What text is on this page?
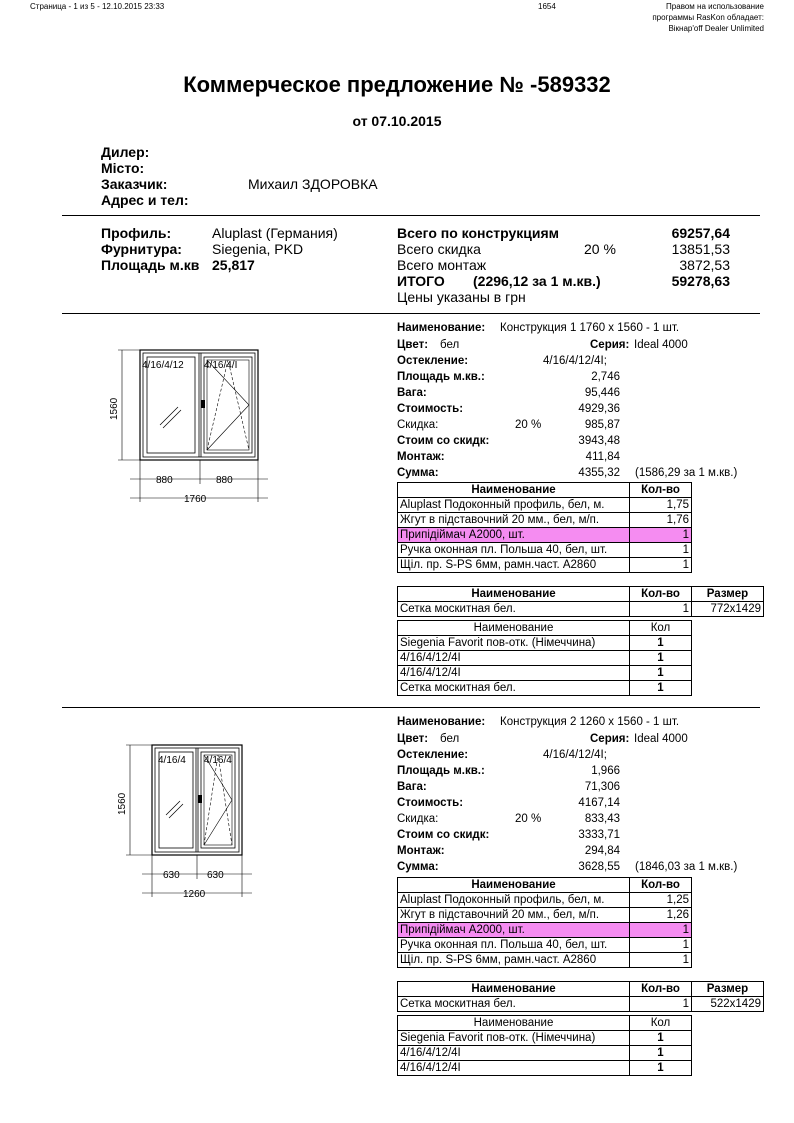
Страница - 1 из 5 - 12.10.2015 23:33	1654	Правом на использование
программы RasKon обладает:
Вікнар'off Dealer Unlimited
Коммерческое предложение № -589332
от 07.10.2015
Дилер:
Місто:
Заказчик:	Михаил ЗДОРОВКА
Адрес и тел:
Профиль:	Aluplast (Германия)
Фурнитура: Siegenia, PKD
Площадь м.кв 25,817
Всего по конструкциям	69257,64
Всего скидка	20 %	13851,53
Всего монтаж	3872,53
ИТОГО (2296,12 за 1 м.кв.)	59278,63
Цены указаны в грн
4/16/4/12 4/16/4/I
1560
880	880
1760
Наименование: Конструкция 1 1760 x 1560 - 1 шт.
Цвет: бел	Серия: Ideal 4000
Остекление:	4/16/4/12/4I;
Площадь м.кв.:	2,746
Вага:	95,446
Стоимость:	4929,36
Скидка:	20 %	985,87
Стоим со скидк:	3943,48
Монтаж:	411,84
Сумма:	4355,32 (1586,29 за 1 м.кв.)
Наименование	Кол-во
Aluplast Подоконный профиль, бел, м.	1,75
Жгут в підставочний 20 мм., бел, м/п.	1,76
Припідіймач A2000, шт.	1
Ручка оконная пл. Польша 40, бел, шт.	1
Щіл. пр. S-PS 6мм, рамн.част. A2860	1
Наименование	Кол-во	Размер
Сетка москитная бел.	1	772x1429
Наименование	Кол
Siegenia Favorit пов-отк. (Німеччина)	1
4/16/4/12/4I	1
4/16/4/12/4I	1
Сетка москитная бел.	1
4/16/4 4/16/4
1560
630	630
1260
Наименование: Конструкция 2 1260 x 1560 - 1 шт.
Цвет: бел	Серия: Ideal 4000
Остекление:	4/16/4/12/4I;
Площадь м.кв.:	1,966
Вага:	71,306
Стоимость:	4167,14
Скидка:	20 %	833,43
Стоим со скидк:	3333,71
Монтаж:	294,84
Сумма:	3628,55 (1846,03 за 1 м.кв.)
Наименование	Кол-во
Aluplast Подоконный профиль, бел, м.	1,25
Жгут в підставочний 20 мм., бел, м/п.	1,26
Припідіймач A2000, шт.	1
Ручка оконная пл. Польша 40, бел, шт.	1
Щіл. пр. S-PS 6мм, рамн.част. A2860	1
Наименование	Кол-во	Размер
Сетка москитная бел.	1	522x1429
Наименование	Кол
Siegenia Favorit пов-отк. (Німеччина)	1
4/16/4/12/4I	1
4/16/4/12/4I	1
